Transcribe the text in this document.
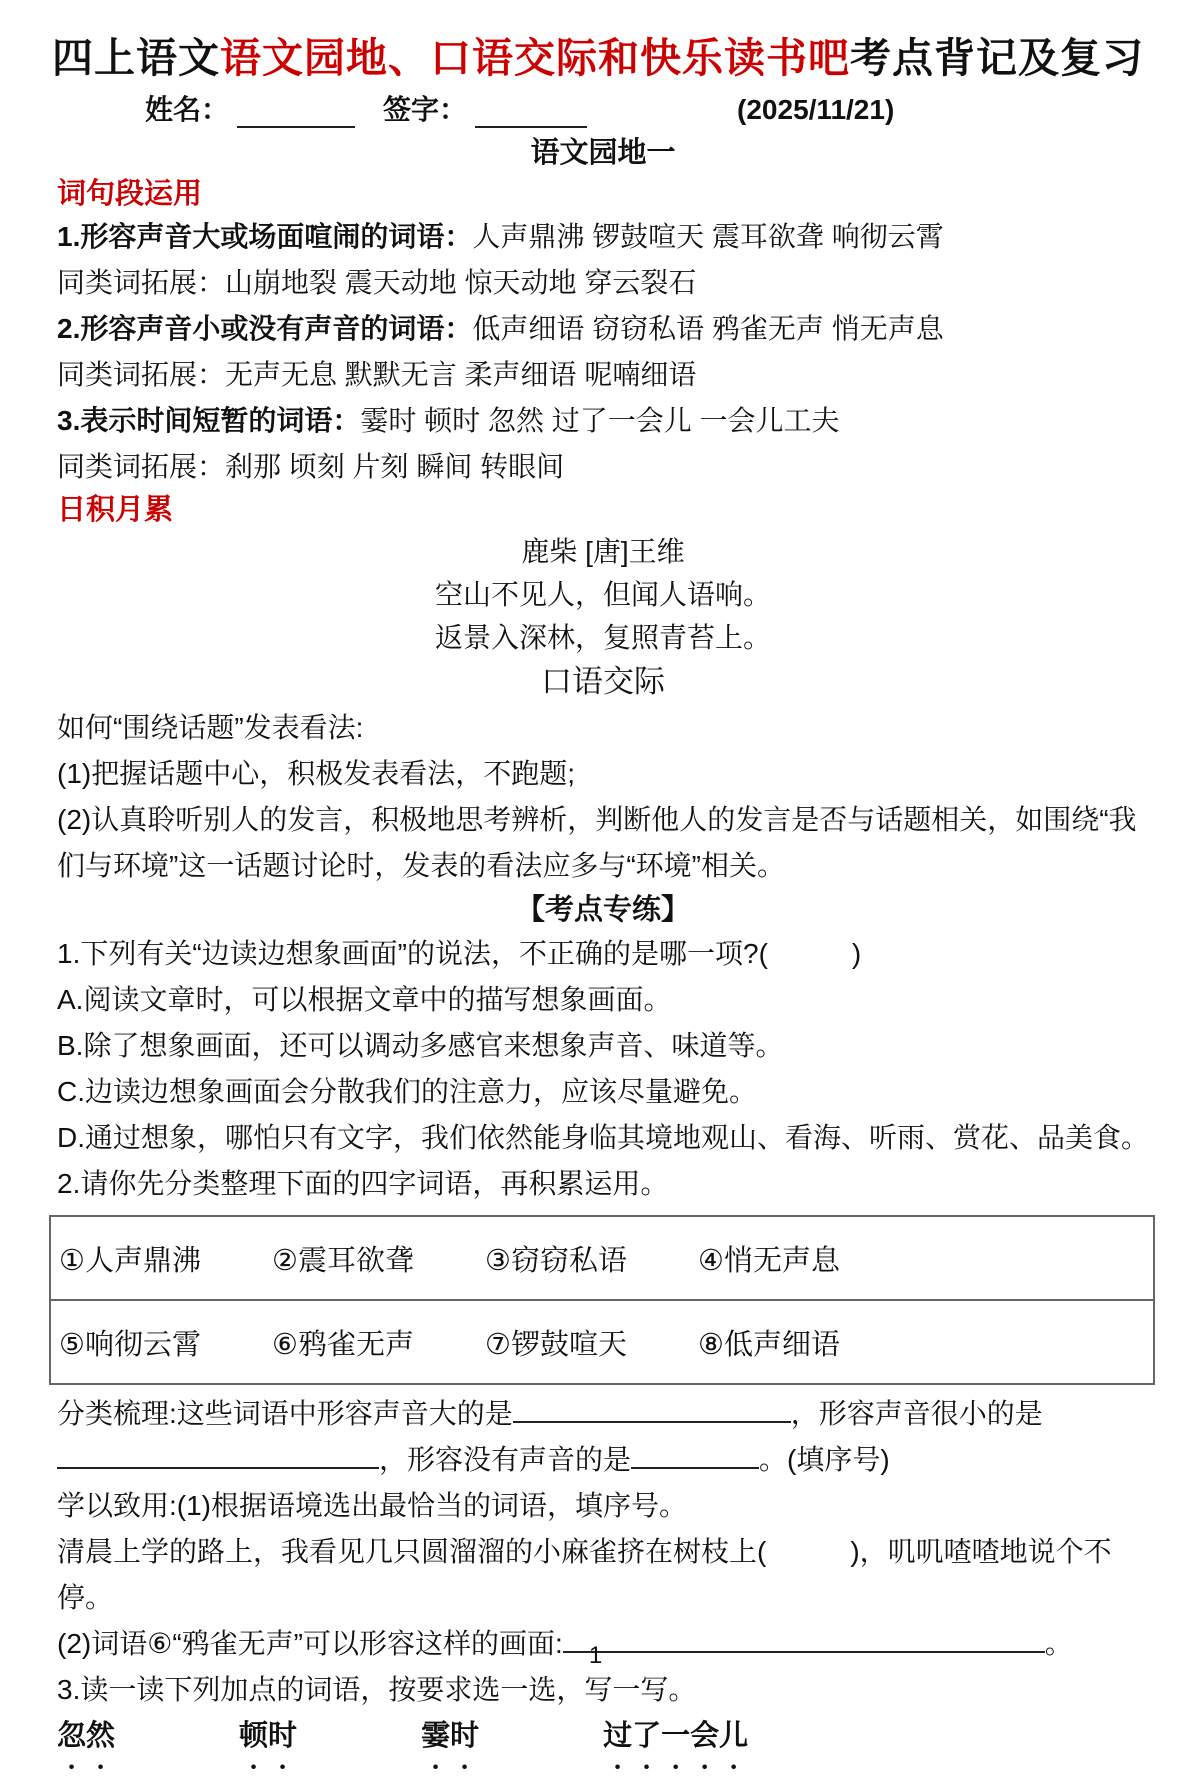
四上语文语文园地、口语交际和快乐读书吧考点背记及复习
姓名：	签字：	(2025/11/21)
语文园地一
词句段运用
1.形容声音大或场面喧闹的词语：人声鼎沸 锣鼓喧天 震耳欲聋 响彻云霄
同类词拓展：山崩地裂 震天动地 惊天动地 穿云裂石
2.形容声音小或没有声音的词语：低声细语 窃窃私语 鸦雀无声 悄无声息
同类词拓展：无声无息 默默无言 柔声细语 呢喃细语
3.表示时间短暂的词语：霎时 顿时 忽然 过了一会儿 一会儿工夫
同类词拓展：刹那 顷刻 片刻 瞬间 转眼间
日积月累
鹿柴 [唐]王维
空山不见人，但闻人语响。
返景入深林，复照青苔上。
口语交际
如何“围绕话题”发表看法:
(1)把握话题中心，积极发表看法，不跑题;
(2)认真聆听别人的发言，积极地思考辨析，判断他人的发言是否与话题相关，如围绕“我们与环境”这一话题讨论时，发表的看法应多与“环境”相关。
【考点专练】
1.下列有关“边读边想象画面”的说法，不正确的是哪一项?(　　　)
A.阅读文章时，可以根据文章中的描写想象画面。
B.除了想象画面，还可以调动多感官来想象声音、味道等。
C.边读边想象画面会分散我们的注意力，应该尽量避免。
D.通过想象，哪怕只有文字，我们依然能身临其境地观山、看海、听雨、赏花、品美食。
2.请你先分类整理下面的四字词语，再积累运用。
①人声鼎沸	②震耳欲聋	③窃窃私语	④悄无声息
⑤响彻云霄	⑥鸦雀无声	⑦锣鼓喧天	⑧低声细语
分类梳理:这些词语中形容声音大的是	，形容声音很小的是，形容没有声音的是	。(填序号)
学以致用:(1)根据语境选出最恰当的词语，填序号。
清晨上学的路上，我看见几只圆溜溜的小麻雀挤在树枝上(　　　)，叽叽喳喳地说个不停。
(2)词语⑥“鸦雀无声”可以形容这样的画面:	。
3.读一读下列加点的词语，按要求选一选，写一写。
忽 • 然 •	顿 • 时 •	霎 • 时 •	过 • 了 • 一 • 会 • 儿 •
1
